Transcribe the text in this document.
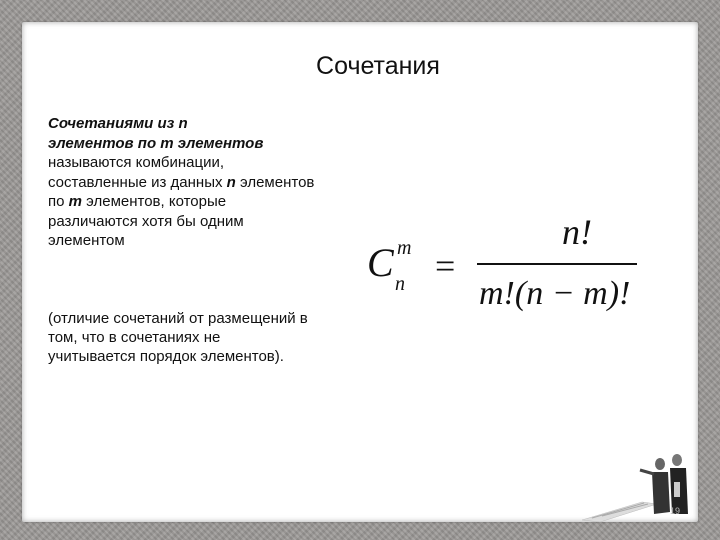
Сочетания
Сочетаниями из n
элементов по m элементов называются комбинации, составленные из данных n элементов по m элементов, которые различаются хотя бы одним элементом	C m
n =
n!
m!(n − m)!
(отличие сочетаний от размещений в том, что в сочетаниях не учитывается порядок элементов).
19
